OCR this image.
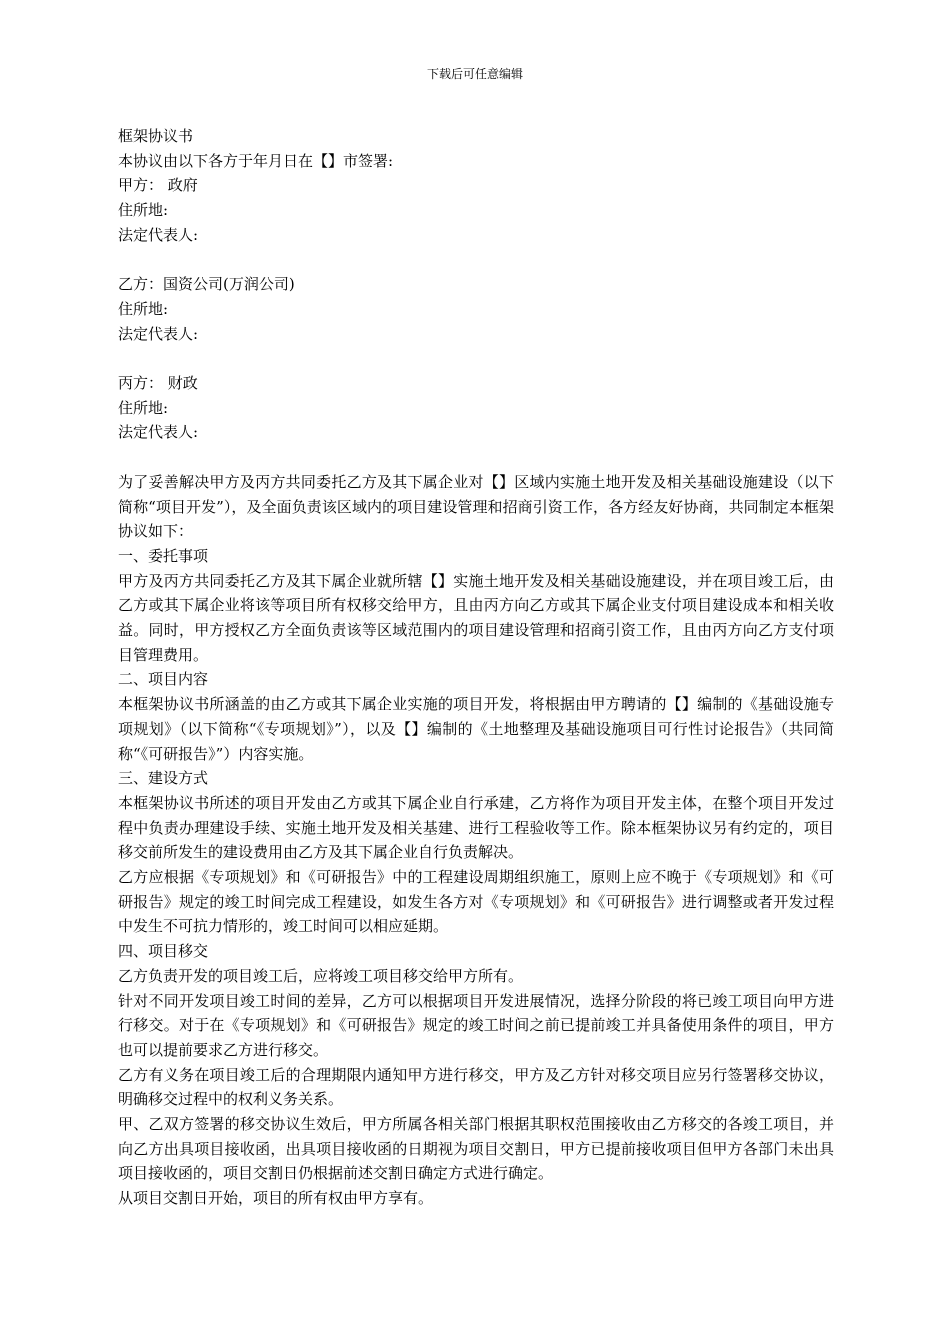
下载后可任意编辑

框架协议书

本协议由以下各方于年月日在【】市签署:

甲方： 政府

住所地:

法定代表人:

乙方：国资公司(万润公司)

住所地:

法定代表人:

丙方： 财政

住所地:

法定代表人:

为了妥善解决甲方及丙方共同委托乙方及其下属企业对【】区域内实施土地开发及相关基础设施建设（以下简称“项目开发”），及全面负责该区域内的项目建设管理和招商引资工作，各方经友好协商，共同制定本框架协议如下：

一、委托事项

甲方及丙方共同委托乙方及其下属企业就所辖【】实施土地开发及相关基础设施建设，并在项目竣工后，由乙方或其下属企业将该等项目所有权移交给甲方，且由丙方向乙方或其下属企业支付项目建设成本和相关收益。同时，甲方授权乙方全面负责该等区域范围内的项目建设管理和招商引资工作，且由丙方向乙方支付项目管理费用。

二、项目内容

本框架协议书所涵盖的由乙方或其下属企业实施的项目开发，将根据由甲方聘请的【】编制的《基础设施专项规划》（以下简称“《专项规划》”），以及【】编制的《土地整理及基础设施项目可行性讨论报告》（共同简称“《可研报告》”）内容实施。

三、建设方式

本框架协议书所述的项目开发由乙方或其下属企业自行承建，乙方将作为项目开发主体，在整个项目开发过程中负责办理建设手续、实施土地开发及相关基建、进行工程验收等工作。除本框架协议另有约定的，项目移交前所发生的建设费用由乙方及其下属企业自行负责解决。

乙方应根据《专项规划》和《可研报告》中的工程建设周期组织施工，原则上应不晚于《专项规划》和《可研报告》规定的竣工时间完成工程建设，如发生各方对《专项规划》和《可研报告》进行调整或者开发过程中发生不可抗力情形的，竣工时间可以相应延期。

四、项目移交

乙方负责开发的项目竣工后，应将竣工项目移交给甲方所有。

针对不同开发项目竣工时间的差异，乙方可以根据项目开发进展情况，选择分阶段的将已竣工项目向甲方进行移交。对于在《专项规划》和《可研报告》规定的竣工时间之前已提前竣工并具备使用条件的项目，甲方也可以提前要求乙方进行移交。

乙方有义务在项目竣工后的合理期限内通知甲方进行移交，甲方及乙方针对移交项目应另行签署移交协议，明确移交过程中的权利义务关系。

甲、乙双方签署的移交协议生效后，甲方所属各相关部门根据其职权范围接收由乙方移交的各竣工项目，并向乙方出具项目接收函，出具项目接收函的日期视为项目交割日，甲方已提前接收项目但甲方各部门未出具项目接收函的，项目交割日仍根据前述交割日确定方式进行确定。

从项目交割日开始，项目的所有权由甲方享有。
